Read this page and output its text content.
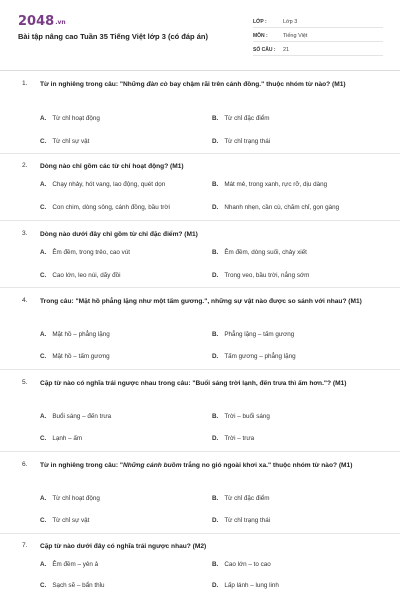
2048.vn
Bài tập nâng cao Tuần 35 Tiếng Việt lớp 3 (có đáp án)
LỚP :	Lớp 3
MÔN :	Tiếng Việt
SỐ CÂU :	21
1. Từ in nghiêng trong câu: "Những đàn cò bay chậm rãi trên cánh đồng." thuộc nhóm từ nào? (M1)
A. Từ chỉ hoạt động	B. Từ chỉ đặc điểm
C. Từ chỉ sự vật	D. Từ chỉ trạng thái
2. Dòng nào chỉ gồm các từ chỉ hoạt động? (M1)
A. Chạy nhảy, hót vang, lao động, quét dọn	B. Mát mẻ, trong xanh, rực rỡ, dịu dàng
C. Con chim, dòng sông, cánh đồng, bầu trời	D. Nhanh nhẹn, cần cù, chăm chỉ, gọn gàng
3. Dòng nào dưới đây chỉ gồm từ chỉ đặc điểm? (M1)
A. Êm đềm, trong trẻo, cao vút	B. Êm đềm, dòng suối, chảy xiết
C. Cao lớn, leo núi, dãy đồi	D. Trong veo, bầu trời, nắng sớm
4. Trong câu: "Mặt hồ phẳng lặng như một tấm gương.", những sự vật nào được so sánh với nhau? (M1)
A. Mặt hồ – phẳng lặng	B. Phẳng lặng – tấm gương
C. Mặt hồ – tấm gương	D. Tấm gương – phẳng lặng
5. Cặp từ nào có nghĩa trái ngược nhau trong câu: "Buổi sáng trời lạnh, đến trưa thì ấm hơn."? (M1)
A. Buổi sáng – đến trưa	B. Trời – buổi sáng
C. Lạnh – ấm	D. Trời – trưa
6. Từ in nghiêng trong câu: "Những cánh buồm trắng no gió ngoài khơi xa." thuộc nhóm từ nào? (M1)
A. Từ chỉ hoạt động	B. Từ chỉ đặc điểm
C. Từ chỉ sự vật	D. Từ chỉ trạng thái
7. Cặp từ nào dưới đây có nghĩa trái ngược nhau? (M2)
A. Êm đềm – yên ả	B. Cao lớn – to cao
C. Sạch sẽ – bẩn thỉu	D. Lấp lánh – lung linh
